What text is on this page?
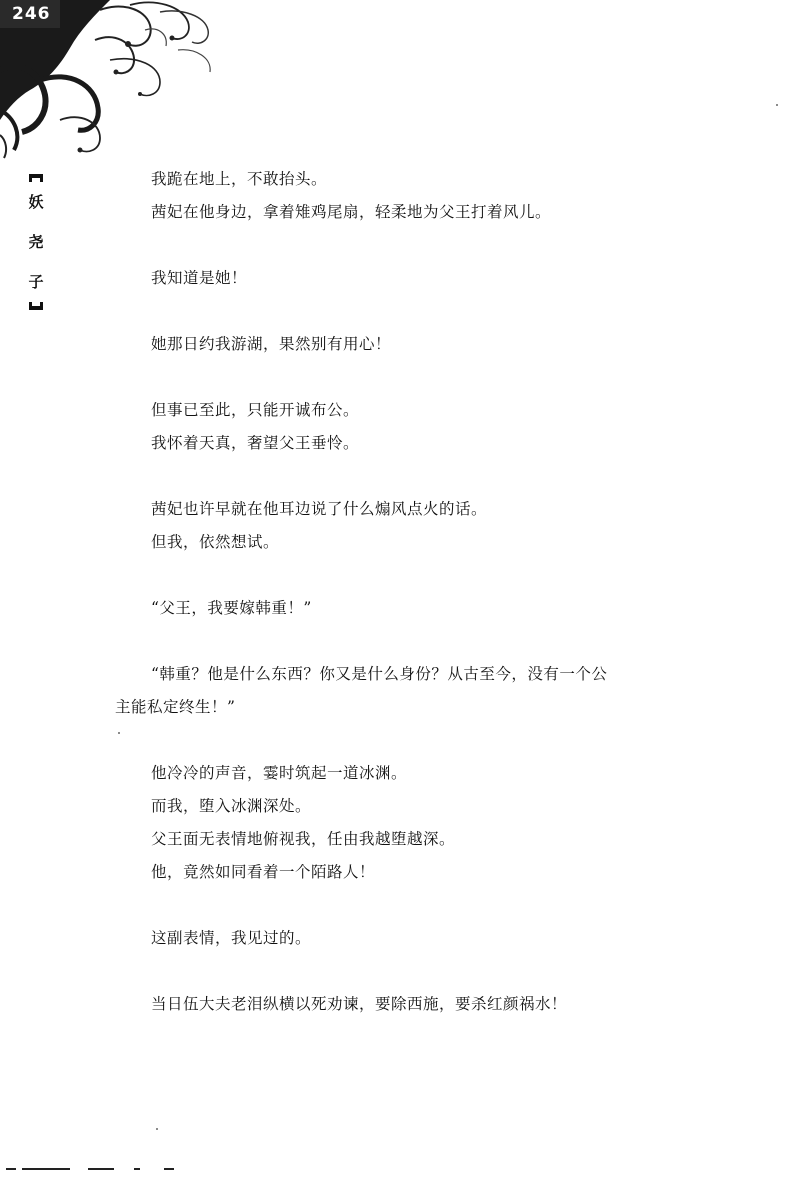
246
妖
尧
子
我跪在地上，不敢抬头。
茜妃在他身边，拿着雉鸡尾扇，轻柔地为父王打着风儿。
我知道是她！
她那日约我游湖，果然别有用心！
但事已至此，只能开诚布公。
我怀着天真，奢望父王垂怜。
茜妃也许早就在他耳边说了什么煽风点火的话。
但我，依然想试。
“父王，我要嫁韩重！”
“韩重？他是什么东西？你又是什么身份？从古至今，没有一个公
主能私定终生！”
他冷冷的声音，霎时筑起一道冰渊。
而我，堕入冰渊深处。
父王面无表情地俯视我，任由我越堕越深。
他，竟然如同看着一个陌路人！
这副表情，我见过的。
当日伍大夫老泪纵横以死劝谏，要除西施，要杀红颜祸水！
